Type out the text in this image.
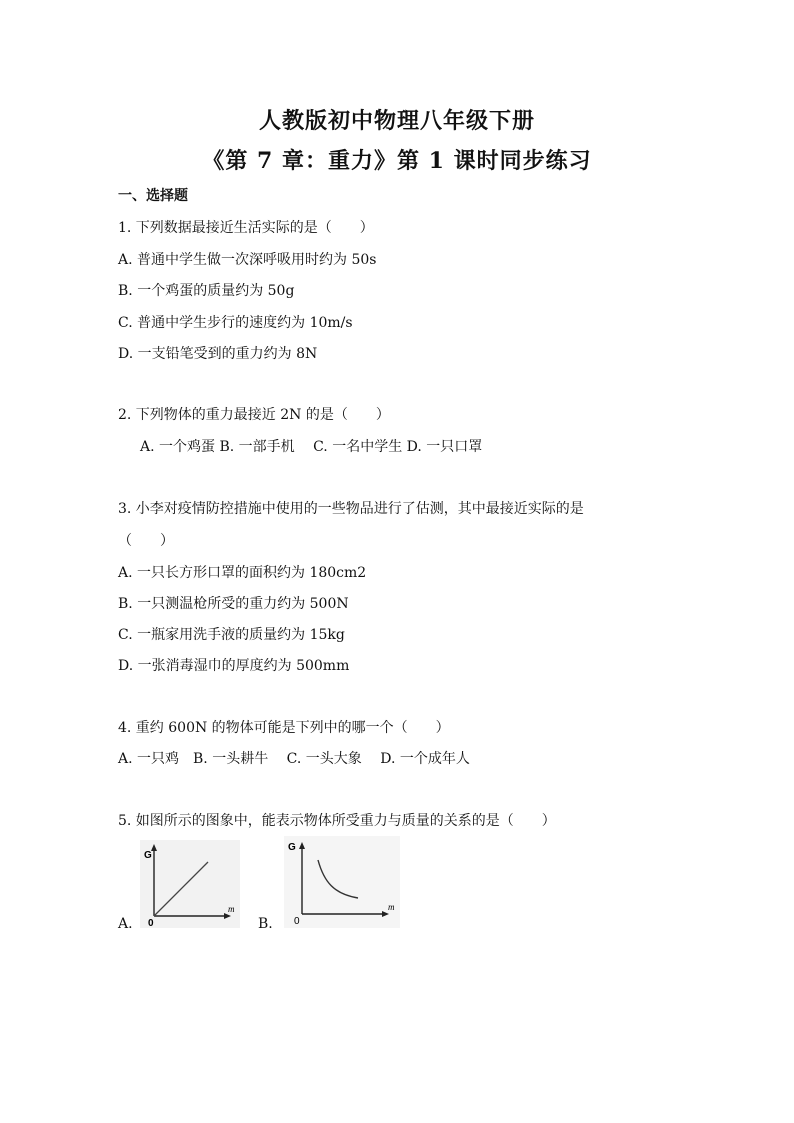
人教版初中物理八年级下册
《第 7 章：重力》第 1 课时同步练习
一、选择题
1. 下列数据最接近生活实际的是（　　）
A. 普通中学生做一次深呼吸用时约为 50s
B. 一个鸡蛋的质量约为 50g
C. 普通中学生步行的速度约为 10m/s
D. 一支铅笔受到的重力约为 8N
2. 下列物体的重力最接近 2N 的是（　　）
A. 一个鸡蛋 B. 一部手机　 C. 一名中学生 D. 一只口罩
3. 小李对疫情防控措施中使用的一些物品进行了估测，其中最接近实际的是
（　　）
A. 一只长方形口罩的面积约为 180cm2
B. 一只测温枪所受的重力约为 500N
C. 一瓶家用洗手液的质量约为 15kg
D. 一张消毒湿巾的厚度约为 500mm
4. 重约 600N 的物体可能是下列中的哪一个（　　）
A. 一只鸡　B. 一头耕牛　 C. 一头大象　 D. 一个成年人
5. 如图所示的图象中，能表示物体所受重力与质量的关系的是（　　）
A.
G
m
0	B.
G
m
0
